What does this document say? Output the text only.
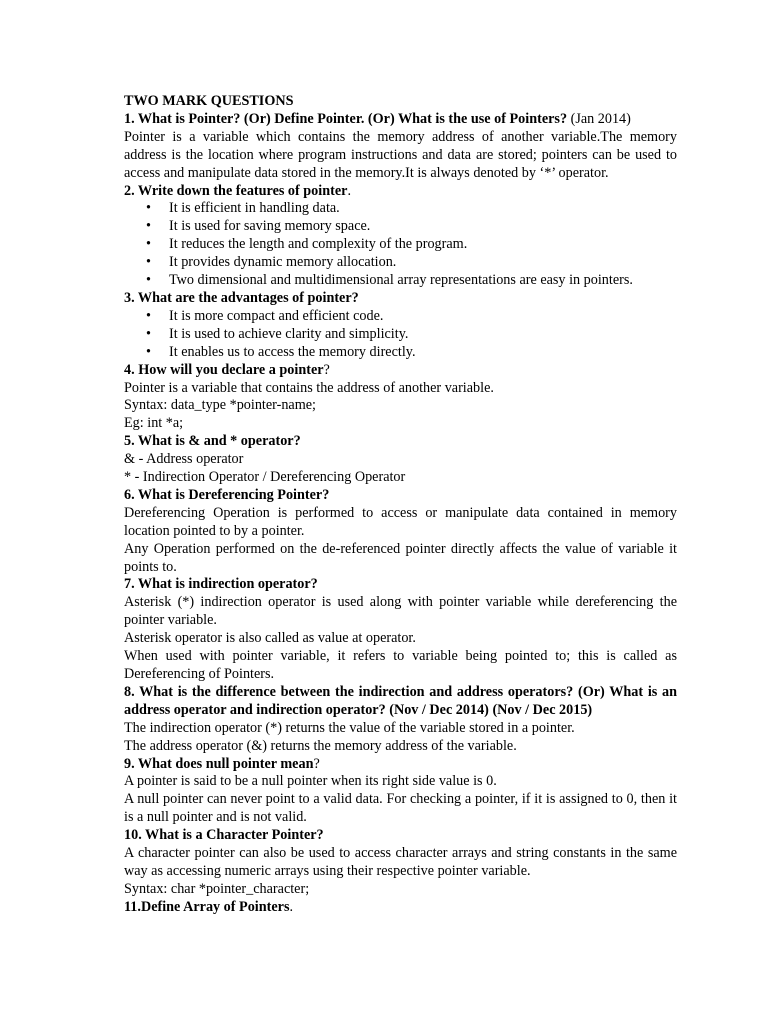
TWO MARK QUESTIONS

1. What is Pointer? (Or) Define Pointer. (Or) What is the use of Pointers? (Jan 2014)

Pointer is a variable which contains the memory address of another variable.The memory address is the location where program instructions and data are stored; pointers can be used to access and manipulate data stored in the memory.It is always denoted by ‘*’ operator.

2. Write down the features of pointer.

• It is efficient in handling data.
• It is used for saving memory space.
• It reduces the length and complexity of the program.
• It provides dynamic memory allocation.
• Two dimensional and multidimensional array representations are easy in pointers.

3. What are the advantages of pointer?

• It is more compact and efficient code.
• It is used to achieve clarity and simplicity.
• It enables us to access the memory directly.

4. How will you declare a pointer?

Pointer is a variable that contains the address of another variable.

Syntax: data_type *pointer-name;

Eg: int *a;

5. What is & and * operator?

& - Address operator

* - Indirection Operator / Dereferencing Operator

6. What is Dereferencing Pointer?

Dereferencing Operation is performed to access or manipulate data contained in memory location pointed to by a pointer.

Any Operation performed on the de-referenced pointer directly affects the value of variable it points to.

7. What is indirection operator?

Asterisk (*) indirection operator is used along with pointer variable while dereferencing the pointer variable.

Asterisk operator is also called as value at operator.

When used with pointer variable, it refers to variable being pointed to; this is called as Dereferencing of Pointers.

8. What is the difference between the indirection and address operators? (Or) What is an address operator and indirection operator? (Nov / Dec 2014) (Nov / Dec 2015)

The indirection operator (*) returns the value of the variable stored in a pointer.

The address operator (&) returns the memory address of the variable.

9. What does null pointer mean?

A pointer is said to be a null pointer when its right side value is 0.

A null pointer can never point to a valid data. For checking a pointer, if it is assigned to 0, then it is a null pointer and is not valid.

10. What is a Character Pointer?

A character pointer can also be used to access character arrays and string constants in the same way as accessing numeric arrays using their respective pointer variable.

Syntax: char *pointer_character;

11.Define Array of Pointers.
